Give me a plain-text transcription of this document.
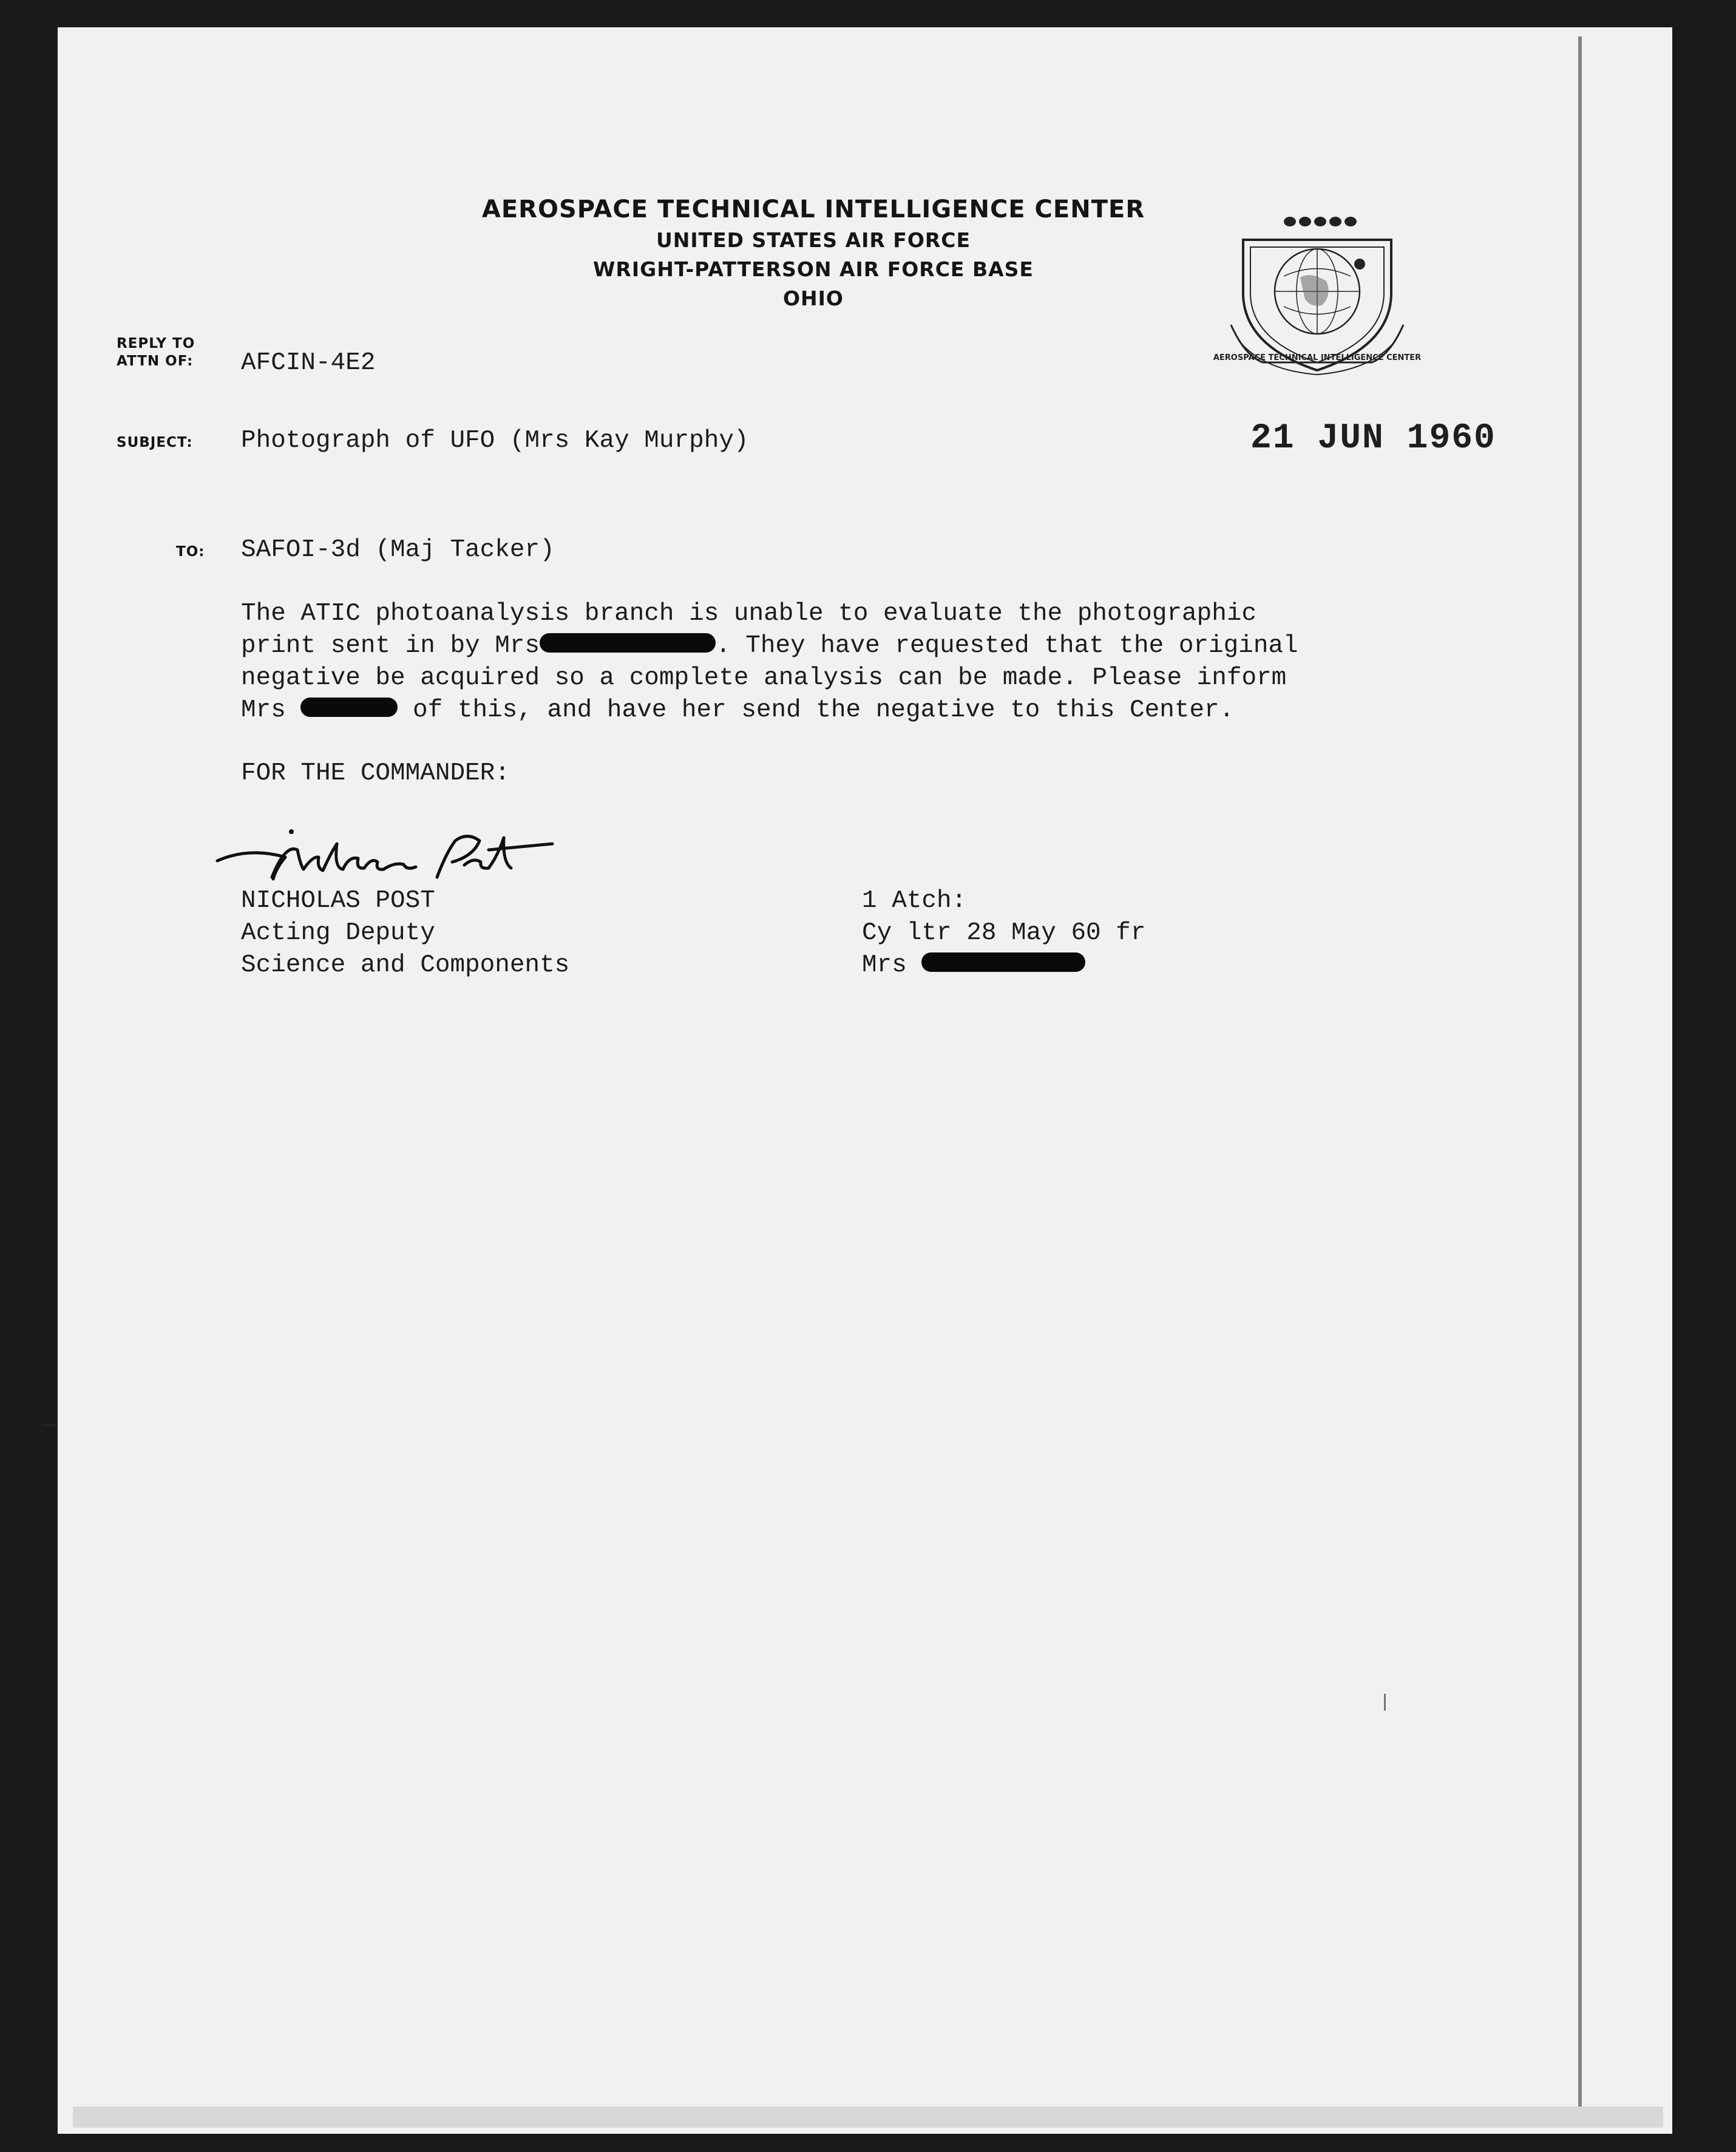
AEROSPACE TECHNICAL INTELLIGENCE CENTER
UNITED STATES AIR FORCE
WRIGHT-PATTERSON AIR FORCE BASE
OHIO
AEROSPACE TECHNICAL INTELLIGENCE CENTER
REPLY TO
ATTN OF: AFCIN-4E2
SUBJECT: Photograph of UFO (Mrs Kay Murphy)	21 JUN 1960
TO: SAFOI-3d (Maj Tacker)
The ATIC photoanalysis branch is unable to evaluate the photographic
print sent in by Mrs	. They have requested that the original
negative be acquired so a complete analysis can be made. Please inform
Mrs	of this, and have her send the negative to this Center.
FOR THE COMMANDER:
NICHOLAS POST
Acting Deputy
Science and Components
1 Atch:
Cy ltr 28 May 60 fr
Mrs
